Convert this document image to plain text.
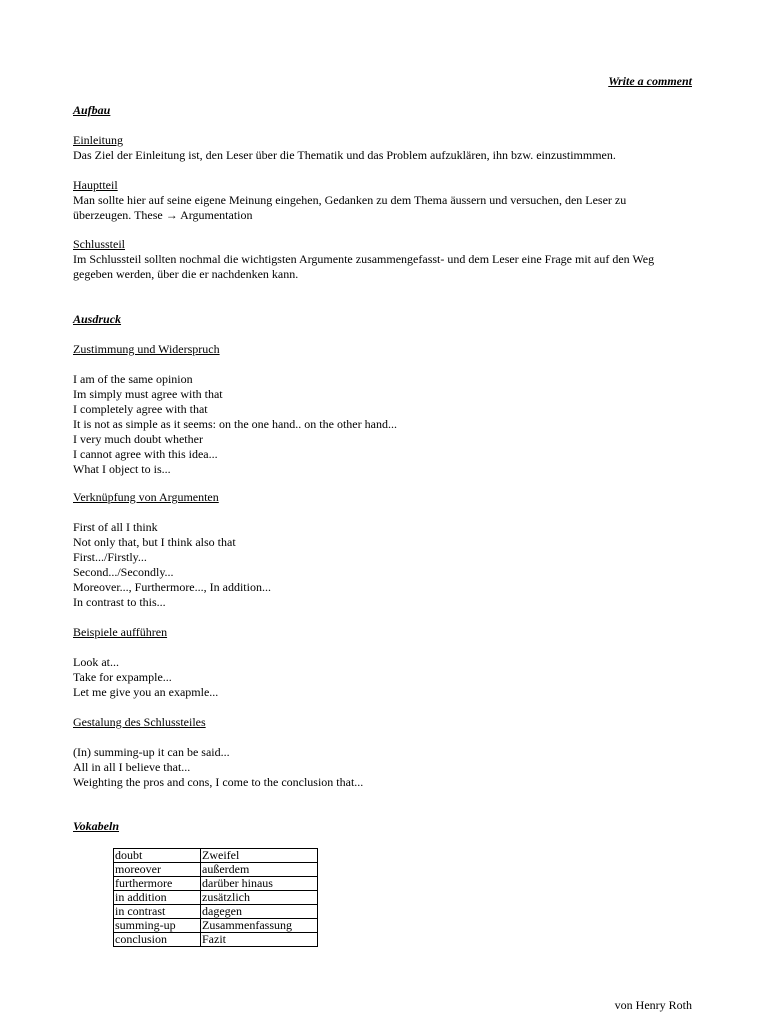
Write a comment
Aufbau
Einleitung
Das Ziel der Einleitung ist, den Leser über die Thematik und das Problem aufzuklären, ihn bzw. einzustimmmen.
Hauptteil
Man sollte hier auf seine eigene Meinung eingehen, Gedanken zu dem Thema äussern und versuchen, den Leser zu
überzeugen. These → Argumentation
Schlussteil
Im Schlussteil sollten nochmal die wichtigsten Argumente zusammengefasst- und dem Leser eine Frage mit auf den Weg
gegeben werden, über die er nachdenken kann.
Ausdruck
Zustimmung und Widerspruch

I am of the same opinion
Im simply must agree with that
I completely agree with that
It is not as simple as it seems: on the one hand.. on the other hand...
I very much doubt whether
I cannot agree with this idea...
What I object to is...
Verknüpfung von Argumenten

First of all I think
Not only that, but I think also that
First.../Firstly...
Second.../Secondly...
Moreover..., Furthermore..., In addition...
In contrast to this...
Beispiele aufführen

Look at...
Take for expample...
Let me give you an exapmle...
Gestalung des Schlussteiles

(In) summing-up it can be said...
All in all I believe that...
Weighting the pros and cons, I come to the conclusion that...
Vokabeln
doubt	Zweifel
moreover	außerdem
furthermore	darüber hinaus
in addition	zusätzlich
in contrast	dagegen
summing-up	Zusammenfassung
conclusion	Fazit
von Henry Roth
